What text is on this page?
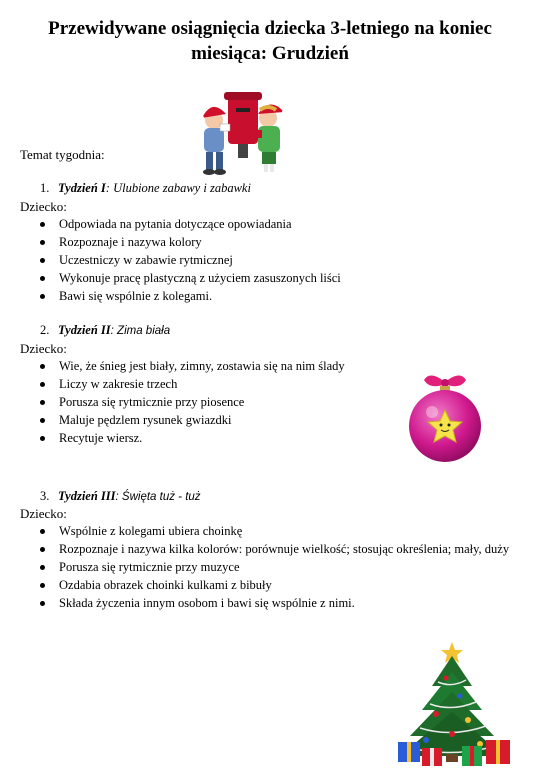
Przewidywane osiągnięcia dziecka 3-letniego na koniec miesiąca: Grudzień
Temat tygodnia:
1. Tydzień I: Ulubione zabawy i zabawki
Dziecko:
Odpowiada na pytania dotyczące opowiadania
Rozpoznaje i nazywa kolory
Uczestniczy w zabawie rytmicznej
Wykonuje pracę plastyczną z użyciem zasuszonych liści
Bawi się wspólnie z kolegami.
2. Tydzień II: Zima biała
Dziecko:
Wie, że śnieg jest biały, zimny, zostawia się na nim ślady
Liczy w zakresie trzech
Porusza się rytmicznie przy piosence
Maluje pędzlem rysunek gwiazdki
Recytuje wiersz.
3. Tydzień III: Święta tuż - tuż
Dziecko:
Wspólnie z kolegami ubiera choinkę
Rozpoznaje i nazywa kilka kolorów: porównuje wielkość; stosując określenia; mały, duży
Porusza się rytmicznie przy muzyce
Ozdabia obrazek choinki kulkami z bibuły
Składa życzenia innym osobom i bawi się wspólnie z nimi.
